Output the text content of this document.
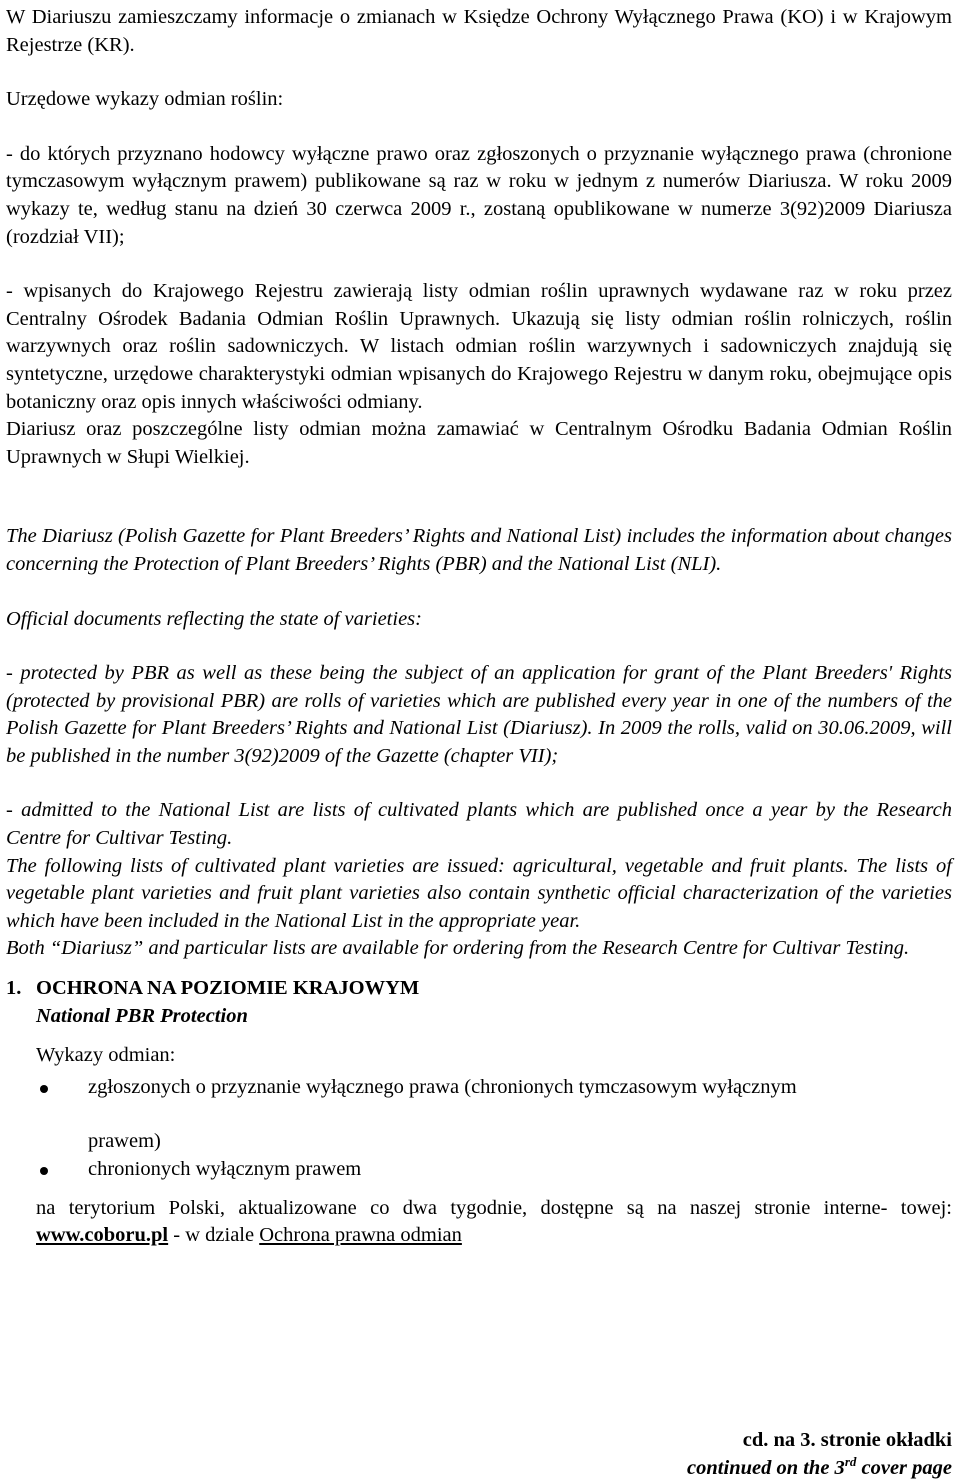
W Diariuszu zamieszczamy informacje o zmianach w Księdze Ochrony Wyłącznego Prawa (KO) i w Krajowym Rejestrze (KR).

Urzędowe wykazy odmian roślin:

- do których przyznano hodowcy wyłączne prawo oraz zgłoszonych o przyznanie wyłącznego prawa (chronione tymczasowym wyłącznym prawem) publikowane są raz w roku w jednym z numerów Diariusza. W roku 2009 wykazy te, według stanu na dzień 30 czerwca 2009 r., zostaną opublikowane w numerze 3(92)2009 Diariusza (rozdział VII);

- wpisanych do Krajowego Rejestru zawierają listy odmian roślin uprawnych wydawane raz w roku przez Centralny Ośrodek Badania Odmian Roślin Uprawnych. Ukazują się listy odmian roślin rolniczych, roślin warzywnych oraz roślin sadowniczych. W listach odmian roślin warzywnych i sadowniczych znajdują się syntetyczne, urzędowe charakterystyki odmian wpisanych do Krajowego Rejestru w danym roku, obejmujące opis botaniczny oraz opis innych właściwości odmiany.

Diariusz oraz poszczególne listy odmian można zamawiać w Centralnym Ośrodku Badania Odmian Roślin Uprawnych w Słupi Wielkiej.

The Diariusz (Polish Gazette for Plant Breeders’ Rights and National List) includes the information about changes concerning the Protection of Plant Breeders’ Rights (PBR) and the National List (NLI).

Official documents reflecting the state of varieties:

- protected by PBR as well as these being the subject of an application for grant of the Plant Breeders' Rights (protected by provisional PBR) are rolls of varieties which are published every year in one of the numbers of the Polish Gazette for Plant Breeders’ Rights and National List (Diariusz). In 2009 the rolls, valid on 30.06.2009, will be published in the number 3(92)2009 of the Gazette (chapter VII);

- admitted to the National List are lists of cultivated plants which are published once a year by the Research Centre for Cultivar Testing.

The following lists of cultivated plant varieties are issued: agricultural, vegetable and fruit plants. The lists of vegetable plant varieties and fruit plant varieties also contain synthetic official characterization of the varieties which have been included in the National List in the appropriate year.

Both “Diariusz” and particular lists are available for ordering from the Research Centre for Cultivar Testing.

1. OCHRONA NA POZIOMIE KRAJOWYM
National PBR Protection
Wykazy odmian:
zgłoszonych o przyznanie wyłącznego prawa (chronionych tymczasowym wyłącznym
prawem)
chronionych wyłącznym prawem

na terytorium Polski, aktualizowane co dwa tygodnie, dostępne są na naszej stronie interne- towej: www.coboru.pl - w dziale Ochrona prawna odmian

cd. na 3. stronie okładki
continued on the 3rd cover page
